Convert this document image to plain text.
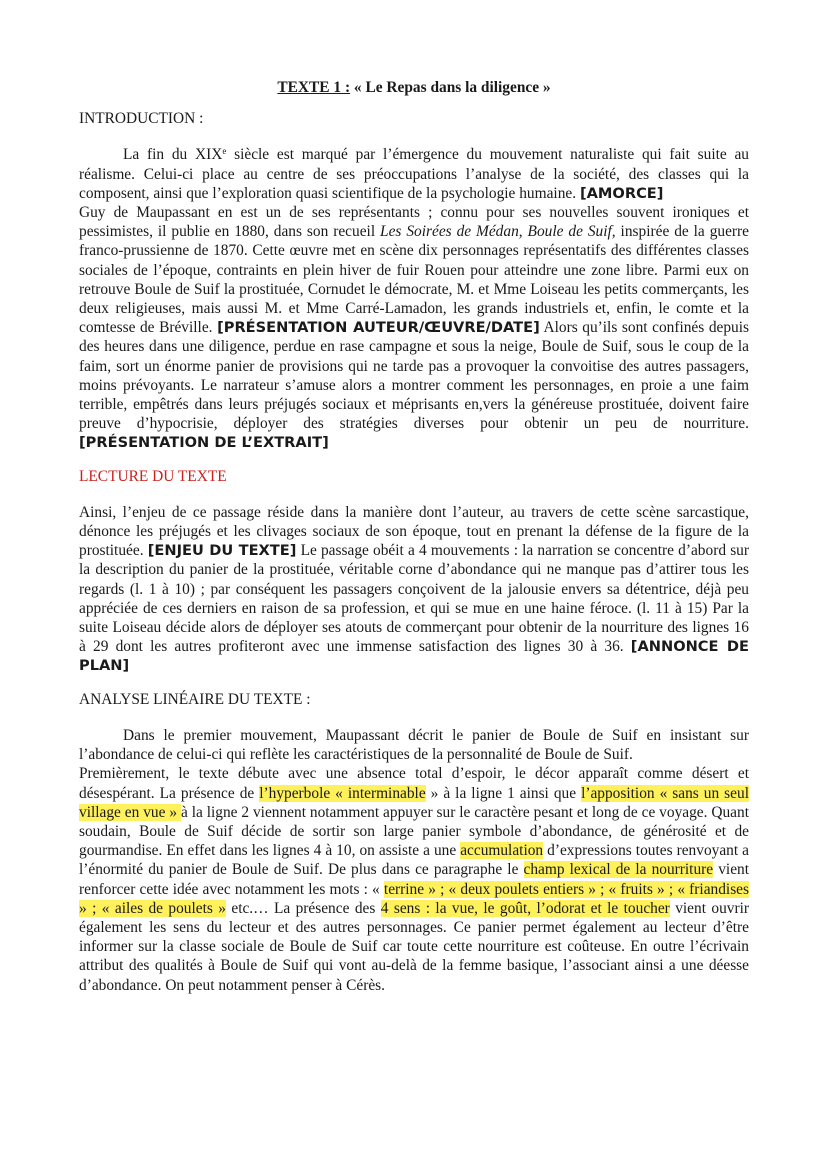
TEXTE 1 : « Le Repas dans la diligence »
INTRODUCTION :

La fin du XIXe siècle est marqué par l’émergence du mouvement naturaliste qui fait suite au réalisme. Celui-ci place au centre de ses préoccupations l’analyse de la société, des classes qui la composent, ainsi que l’exploration quasi scientifique de la psychologie humaine. [AMORCE]

Guy de Maupassant en est un de ses représentants ; connu pour ses nouvelles souvent ironiques et pessimistes, il publie en 1880, dans son recueil Les Soirées de Médan, Boule de Suif, inspirée de la guerre franco-prussienne de 1870. Cette œuvre met en scène dix personnages représentatifs des différentes classes sociales de l’époque, contraints en plein hiver de fuir Rouen pour atteindre une zone libre. Parmi eux on retrouve Boule de Suif la prostituée, Cornudet le démocrate, M. et Mme Loiseau les petits commerçants, les deux religieuses, mais aussi M. et Mme Carré-Lamadon, les grands industriels et, enfin, le comte et la comtesse de Bréville. [PRÉSENTATION AUTEUR/ŒUVRE/DATE] Alors qu’ils sont confinés depuis des heures dans une diligence, perdue en rase campagne et sous la neige, Boule de Suif, sous le coup de la faim, sort un énorme panier de provisions qui ne tarde pas a provoquer la convoitise des autres passagers, moins prévoyants. Le narrateur s’amuse alors a montrer comment les personnages, en proie a une faim terrible, empêtrés dans leurs préjugés sociaux et méprisants en,vers la généreuse prostituée, doivent faire preuve d’hypocrisie, déployer des stratégies diverses pour obtenir un peu de nourriture. [PRÉSENTATION DE L’EXTRAIT]

LECTURE DU TEXTE

Ainsi, l’enjeu de ce passage réside dans la manière dont l’auteur, au travers de cette scène sarcastique, dénonce les préjugés et les clivages sociaux de son époque, tout en prenant la défense de la figure de la prostituée. [ENJEU DU TEXTE] Le passage obéit a 4 mouvements : la narration se concentre d’abord sur la description du panier de la prostituée, véritable corne d’abondance qui ne manque pas d’attirer tous les regards (l. 1 à 10) ; par conséquent les passagers conçoivent de la jalousie envers sa détentrice, déjà peu appréciée de ces derniers en raison de sa profession, et qui se mue en une haine féroce. (l. 11 à 15) Par la suite Loiseau décide alors de déployer ses atouts de commerçant pour obtenir de la nourriture des lignes 16 à 29 dont les autres profiteront avec une immense satisfaction des lignes 30 à 36. [ANNONCE DE PLAN]

ANALYSE LINÉAIRE DU TEXTE :

Dans le premier mouvement, Maupassant décrit le panier de Boule de Suif en insistant sur l’abondance de celui-ci qui reflète les caractéristiques de la personnalité de Boule de Suif.

Premièrement, le texte débute avec une absence total d’espoir, le décor apparaît comme désert et désespérant. La présence de l’hyperbole « interminable » à la ligne 1 ainsi que l’apposition « sans un seul village en vue » à la ligne 2 viennent notamment appuyer sur le caractère pesant et long de ce voyage. Quant soudain, Boule de Suif décide de sortir son large panier symbole d’abondance, de générosité et de gourmandise. En effet dans les lignes 4 à 10, on assiste a une accumulation d’expressions toutes renvoyant a l’énormité du panier de Boule de Suif. De plus dans ce paragraphe le champ lexical de la nourriture vient renforcer cette idée avec notamment les mots : « terrine » ; « deux poulets entiers » ; « fruits » ; « friandises » ; « ailes de poulets » etc.… La présence des 4 sens : la vue, le goût, l’odorat et le toucher vient ouvrir également les sens du lecteur et des autres personnages. Ce panier permet également au lecteur d’être informer sur la classe sociale de Boule de Suif car toute cette nourriture est coûteuse. En outre l’écrivain attribut des qualités à Boule de Suif qui vont au-delà de la femme basique, l’associant ainsi a une déesse d’abondance. On peut notamment penser à Cérès.
